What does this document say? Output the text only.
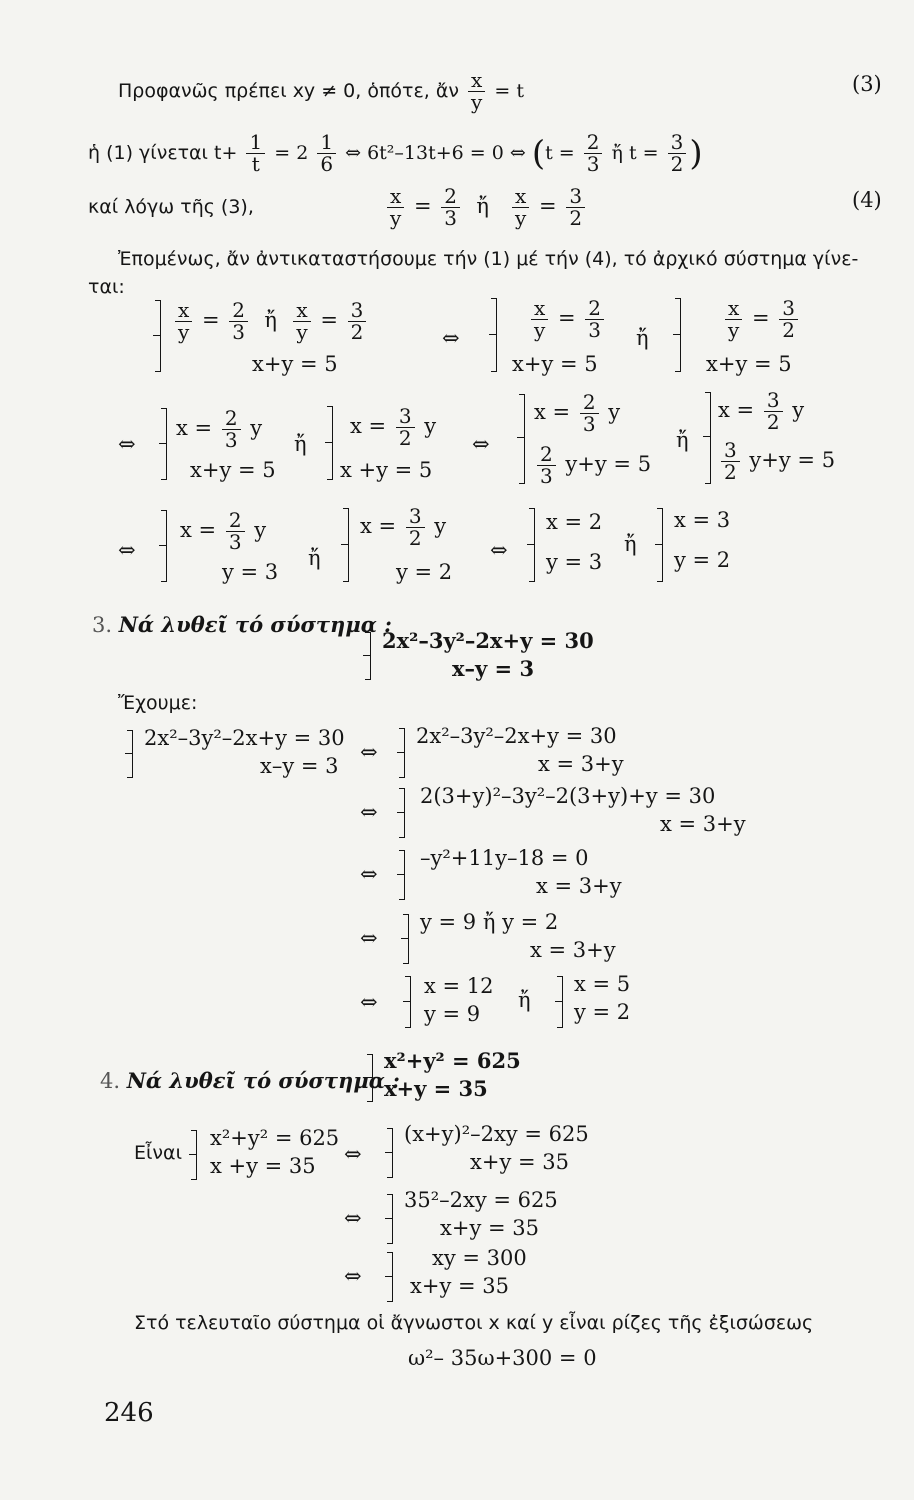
Προφανῶς πρέπει xy ≠ 0, ὁπότε, ἄν $\frac{x}{y} = t$	(3)
ἡ (1) γίνεται $t+ \frac{1}{t} = 2 \frac{1}{6}$ ⇔ 6t²–13t+6 = 0 ⇔ ($t = \frac{2}{3}$ ἤ $t = \frac{3}{2}$ )
καί λόγω τῆς (3),	$\frac{x}{y} = \frac{2}{3}$ ἤ $\frac{x}{y} = \frac{3}{2}$	(4)
Ἐπομένως, ἄν ἀντικαταστήσουμε τήν (1) μέ τήν (4), τό ἀρχικό σύστημα γίνε-
ται:
$\frac{x}{y} = \frac{2}{3}$ ἤ $\frac{x}{y} = \frac{3}{2}$
x+y = 5
⇔	$\frac{x}{y} = \frac{2}{3}$
x+y = 5
ἤ	$\frac{x}{y} = \frac{3}{2}$
x+y = 5
⇔
$x = \frac{2}{3}$ y
x+y = 5
ἤ
$x = \frac{3}{2}$ y
x +y = 5
⇔
$x = \frac{2}{3}$ y
$\frac{2}{3} y+y = 5$
ἤ
$x = \frac{3}{2}$ y
$\frac{3}{2} y+y = 5$
⇔
$x = \frac{2}{3}$ y
y = 3
ἤ
$x = \frac{3}{2}$ y
y = 2
⇔
x = 2
y = 3
ἤ
x = 3
y = 2
3. Νά λυθεῖ τό σύστημα :
2x²–3y²–2x+y = 30
x–y = 3
Ἔχουμε:
2x²–3y²–2x+y = 30
x–y = 3
⇔
2x²–3y²–2x+y = 30
x = 3+y
⇔
2(3+y)²–3y²–2(3+y)+y = 30
x = 3+y
⇔
–y²+11y–18 = 0
x = 3+y
⇔
y = 9 ἤ y = 2
x = 3+y
⇔
x = 12
y = 9
ἤ
x = 5
y = 2
4. Νά λυθεῖ τό σύστημα :
x²+y² = 625
x+y = 35
Εἶναι
x²+y² = 625
x +y = 35 ⇔
(x+y)²–2xy = 625
x+y = 35
⇔
35²–2xy = 625
x+y = 35
⇔
xy = 300
x+y = 35
Στό τελευταῖο σύστημα οἱ ἄγνωστοι x καί y εἶναι ρίζες τῆς ἐξισώσεως
ω²– 35ω+300 = 0
246
